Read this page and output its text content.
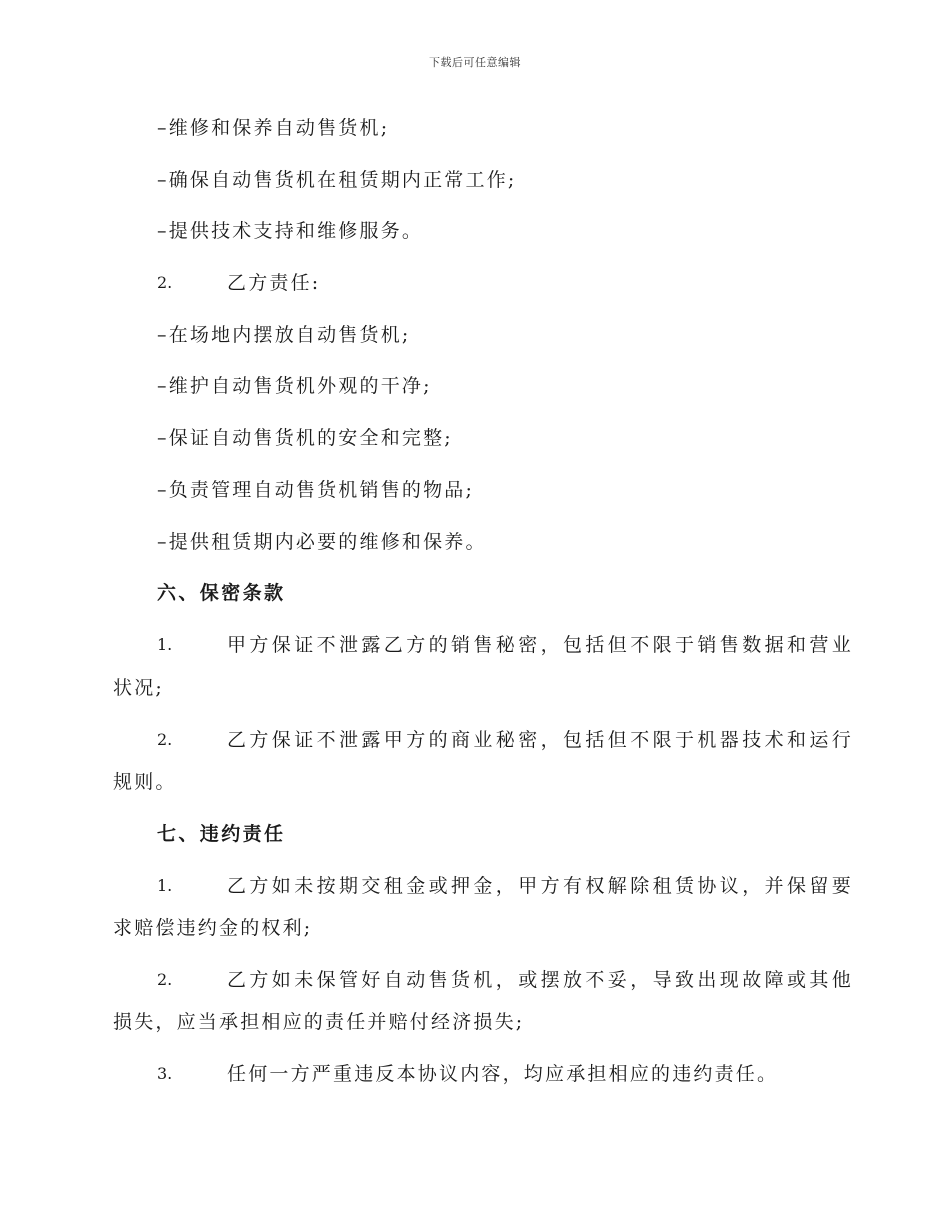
下载后可任意编辑
–维修和保养自动售货机;
–确保自动售货机在租赁期内正常工作;
–提供技术支持和维修服务。
2.	乙方责任:
–在场地内摆放自动售货机;
–维护自动售货机外观的干净;
–保证自动售货机的安全和完整;
–负责管理自动售货机销售的物品;
–提供租赁期内必要的维修和保养。
六、保密条款
1.	甲方保证不泄露乙方的销售秘密，包括但不限于销售数据和营业
状况;
2.	乙方保证不泄露甲方的商业秘密，包括但不限于机器技术和运行
规则。
七、违约责任
1.	乙方如未按期交租金或押金，甲方有权解除租赁协议，并保留要
求赔偿违约金的权利;
2.	乙方如未保管好自动售货机，或摆放不妥，导致出现故障或其他
损失，应当承担相应的责任并赔付经济损失;
3.	任何一方严重违反本协议内容，均应承担相应的违约责任。
